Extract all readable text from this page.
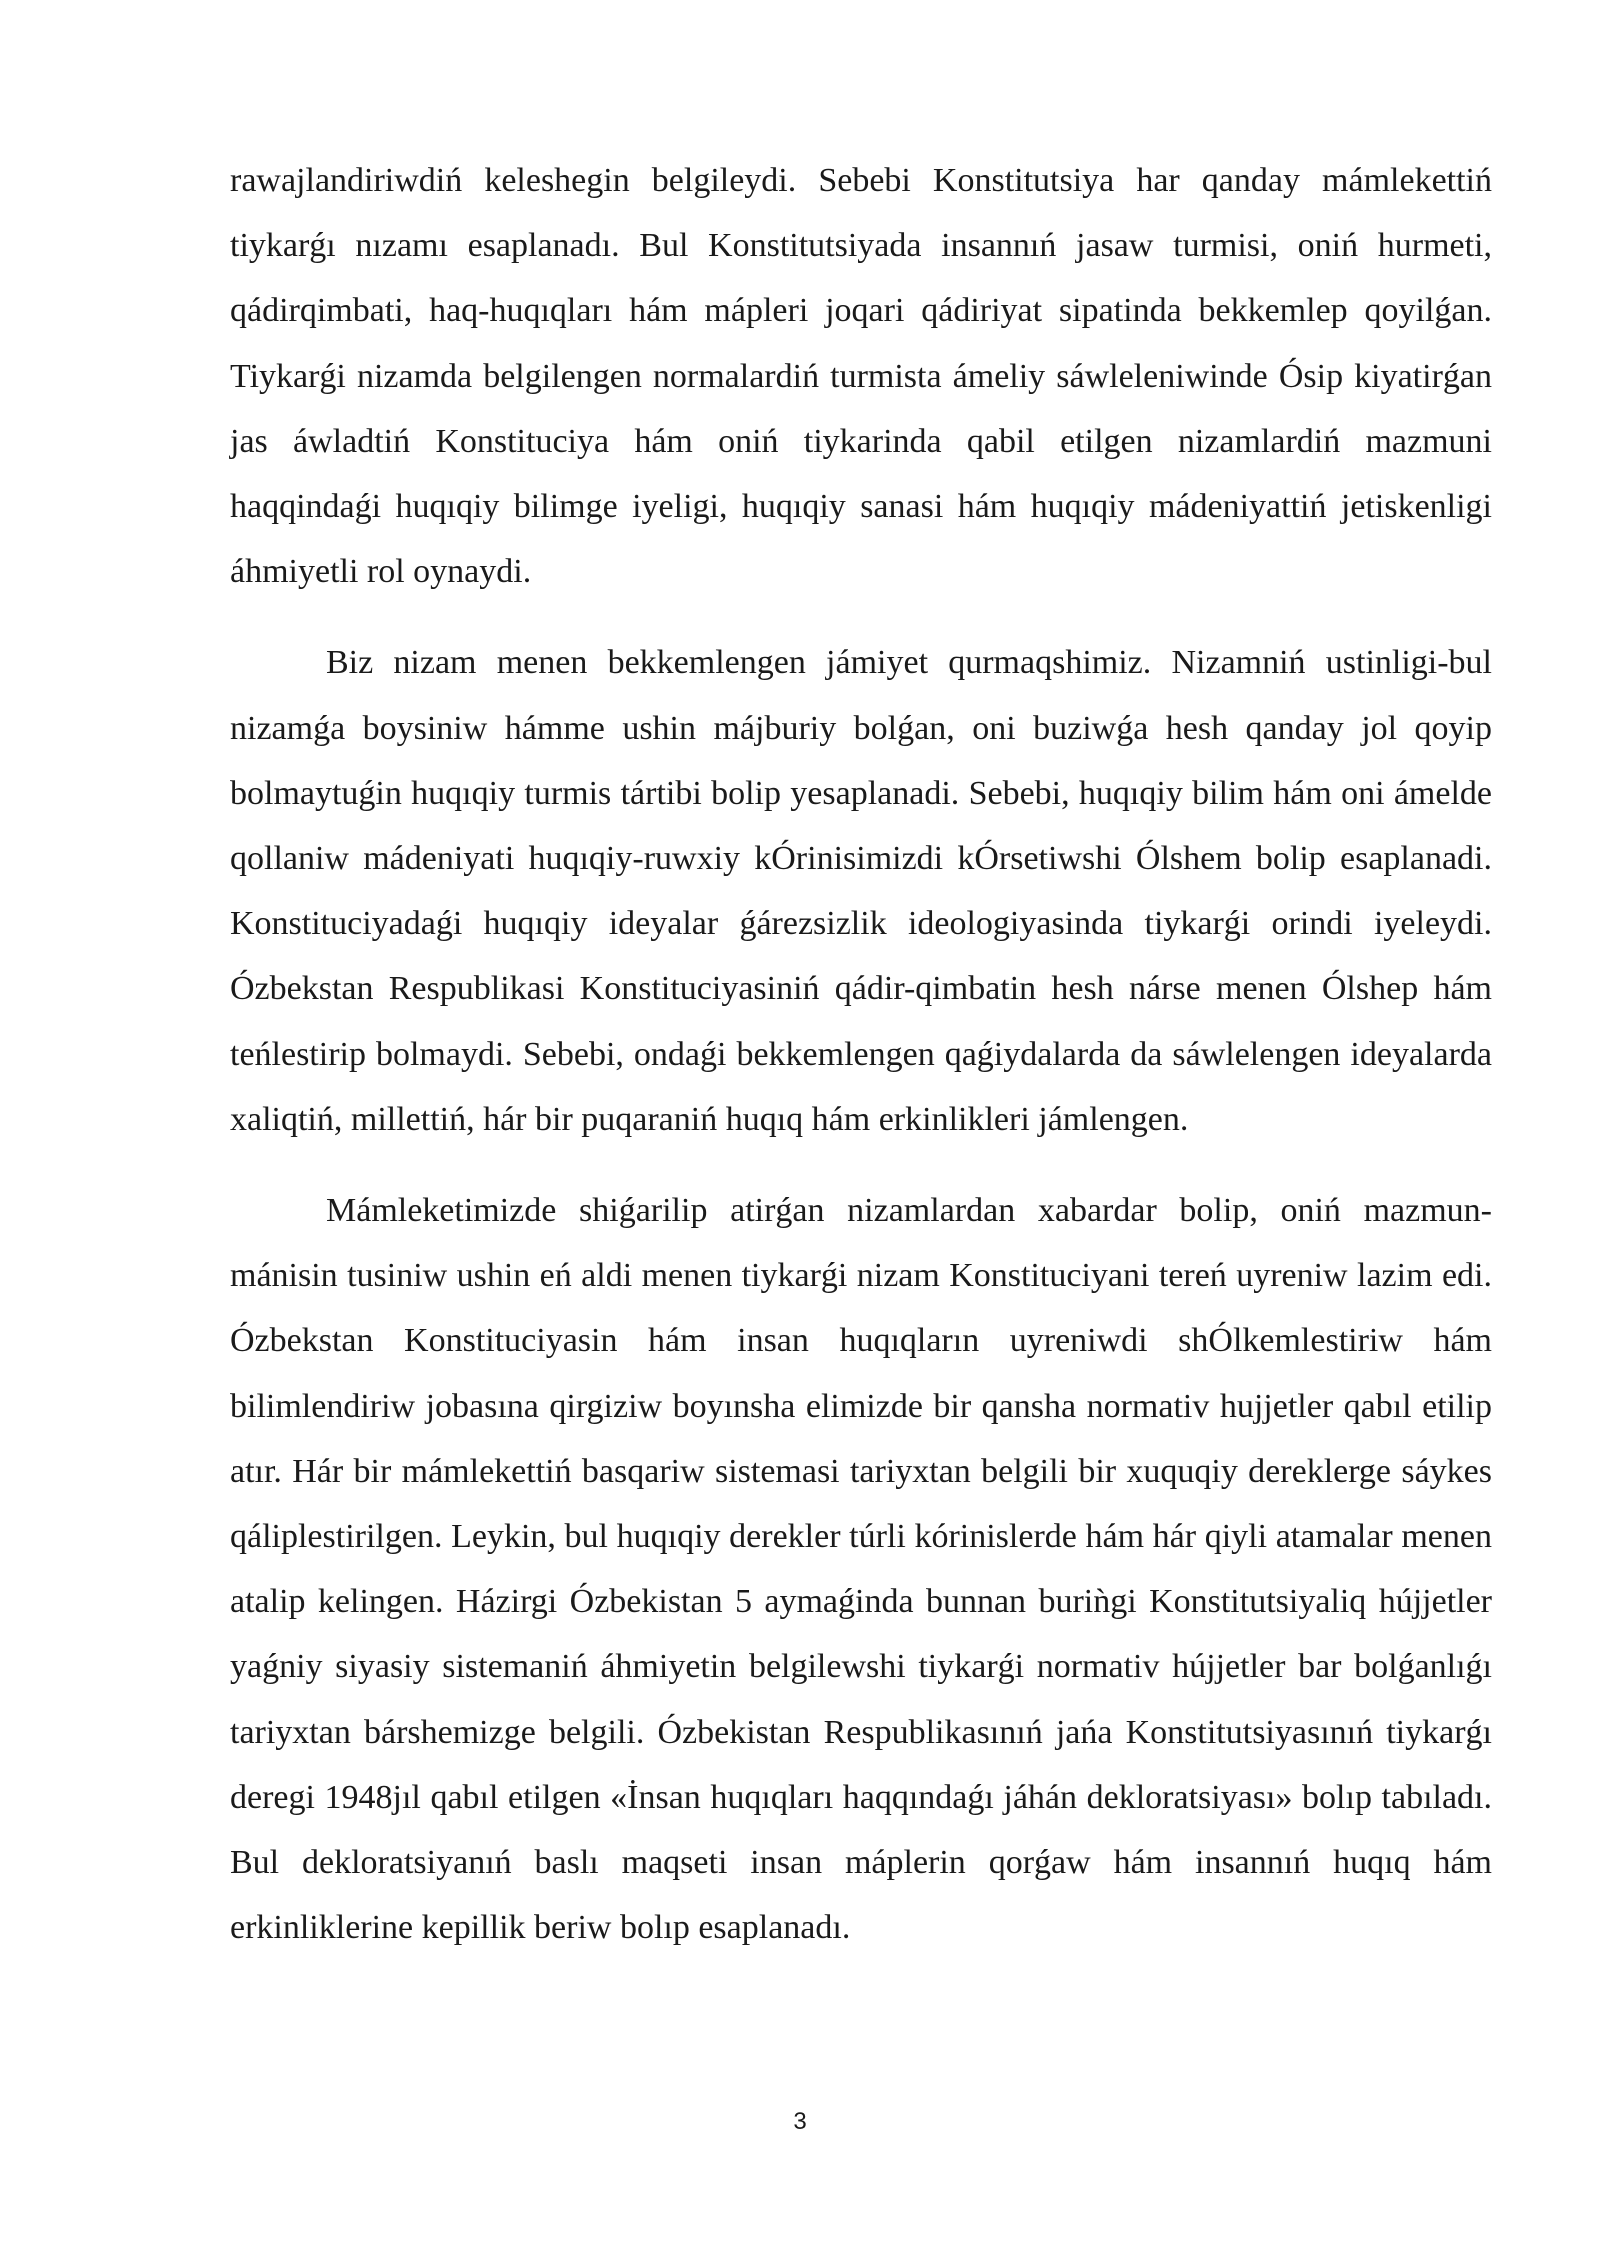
rawajlandiriwdiń keleshegin belgileydi. Sebebi Konstitutsiya har qanday mámlekettiń tiykarǵı nızamı esaplanadı. Bul Konstitutsiyada insannıń jasaw turmisi, oniń hurmeti, qádirqimbati, haq-huqıqları hám mápleri joqari qádiriyat sipatinda bekkemlep qoyilǵan. Tiykarǵi nizamda belgilengen normalardiń turmista ámeliy sáwleleniwinde Ósip kiyatirǵan jas áwladtiń Konstituciya hám oniń tiykarinda qabil etilgen nizamlardiń mazmuni haqqindaǵi huqıqiy bilimge iyeligi, huqıqiy sanasi hám huqıqiy mádeniyattiń jetiskenligi áhmiyetli rol oynaydi.

Biz nizam menen bekkemlengen jámiyet qurmaqshimiz. Nizamniń ustinligi-bul nizamǵa boysiniw hámme ushin májburiy bolǵan, oni buziwǵa hesh qanday jol qoyip bolmaytuǵin huqıqiy turmis tártibi bolip yesaplanadi. Sebebi, huqıqiy bilim hám oni ámelde qollaniw mádeniyati huqıqiy-ruwxiy kÓrinisimizdi kÓrsetiwshi Ólshem bolip esaplanadi. Konstituciyadaǵi huqıqiy ideyalar ǵárezsizlik ideologiyasinda tiykarǵi orindi iyeleydi. Ózbekstan Respublikasi Konstituciyasiniń qádir-qimbatin hesh nárse menen Ólshep hám teńlestirip bolmaydi. Sebebi, ondaǵi bekkemlengen qaǵiydalarda da sáwlelengen ideyalarda xaliqtiń, millettiń, hár bir puqaraniń huqıq hám erkinlikleri jámlengen.

Mámleketimizde shiǵarilip atirǵan nizamlardan xabardar bolip, oniń mazmun-mánisin tusiniw ushin eń aldi menen tiykarǵi nizam Konstituciyani tereń uyreniw lazim edi. Ózbekstan Konstituciyasin hám insan huqıqların uyreniwdi shÓlkemlestiriw hám bilimlendiriw jobasına qirgiziw boyınsha elimizde bir qansha normativ hujjetler qabıl etilip atır. Hár bir mámlekettiń basqariw sistemasi tariyxtan belgili bir xuquqiy dereklerge sáykes qáliplestirilgen. Leykin, bul huqıqiy derekler túrli kórinislerde hám hár qiyli atamalar menen atalip kelingen. Házirgi Ózbekistan 5 aymaǵinda bunnan buriǹgi Konstitutsiyaliq hújjetler yaǵniy siyasiy sistemaniń áhmiyetin belgilewshi tiykarǵi normativ hújjetler bar bolǵanlıǵı tariyxtan bárshemizge belgili. Ózbekistan Respublikasınıń jańa Konstitutsiyasınıń tiykarǵı deregi 1948jıl qabıl etilgen «İnsan huqıqları haqqındaǵı jáhán dekloratsiyası» bolıp tabıladı. Bul dekloratsiyanıń baslı maqseti insan máplerin qorǵaw hám insannıń huqıq hám erkinliklerine kepillik beriw bolıp esaplanadı.

3
